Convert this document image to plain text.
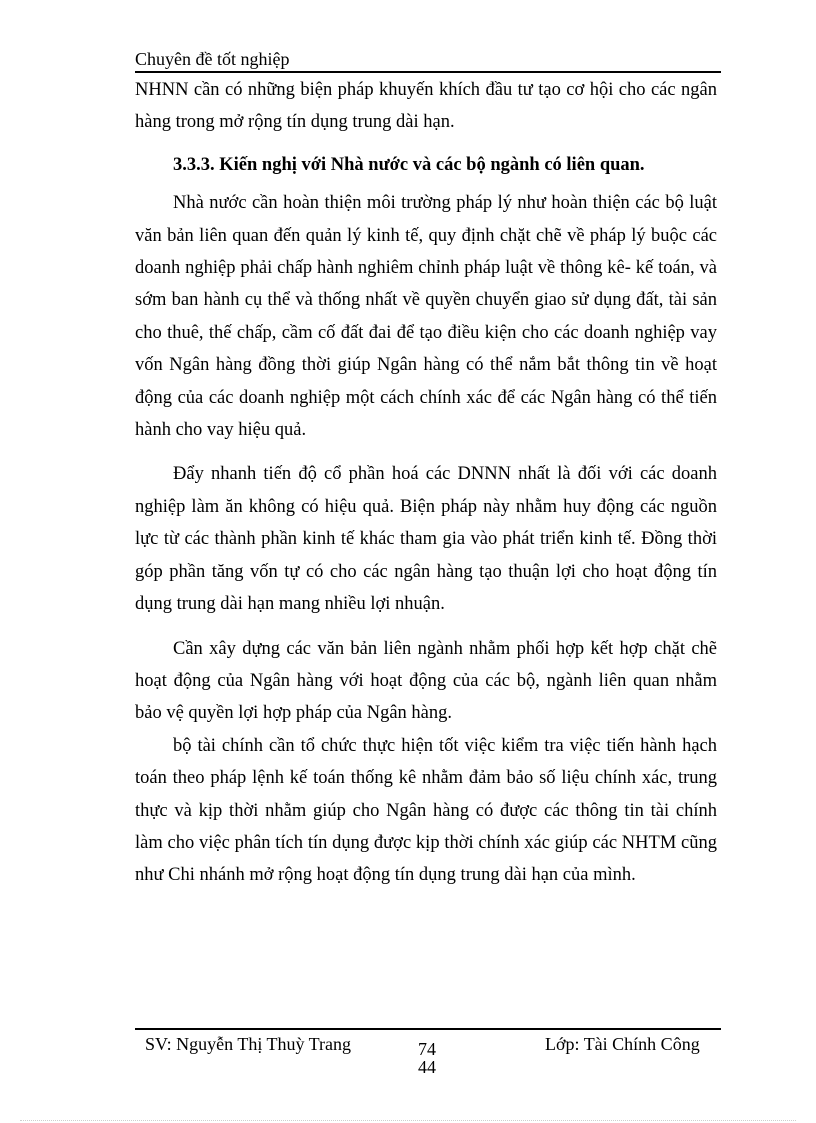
Chuyên đề tốt nghiệp

NHNN cần có những biện pháp khuyến khích đầu tư tạo cơ hội cho các ngân hàng trong mở rộng tín dụng trung dài hạn.

3.3.3. Kiến nghị với Nhà nước và các bộ ngành có liên quan.

Nhà nước cần hoàn thiện môi trường pháp lý như hoàn thiện các bộ luật văn bản liên quan đến quản lý kinh tế, quy định chặt chẽ về pháp lý buộc các doanh nghiệp phải chấp hành nghiêm chỉnh pháp luật về thông kê- kế toán, và sớm ban hành cụ thể và thống nhất về quyền chuyển giao sử dụng đất, tài sản cho thuê, thế chấp, cầm cố đất đai để tạo điều kiện cho các doanh nghiệp vay vốn Ngân hàng đồng thời giúp Ngân hàng có thể nắm bắt thông tin về hoạt động của các doanh nghiệp một cách chính xác để các Ngân hàng có thể tiến hành cho vay hiệu quả.

Đẩy nhanh tiến độ cổ phần hoá các DNNN nhất là đối với các doanh nghiệp làm ăn không có hiệu quả. Biện pháp này nhằm huy động các nguồn lực từ các thành phần kinh tế khác tham gia vào phát triển kinh tế. Đồng thời góp phần tăng vốn tự có cho các ngân hàng tạo thuận lợi cho hoạt động tín dụng trung dài hạn mang nhiều lợi nhuận.

Cần xây dựng các văn bản liên ngành nhằm phối hợp kết hợp chặt chẽ hoạt động của Ngân hàng với hoạt động của các bộ, ngành liên quan nhằm bảo vệ quyền lợi hợp pháp của Ngân hàng.

bộ tài chính cần tổ chức thực hiện tốt việc kiểm tra việc tiến hành hạch toán theo pháp lệnh kế toán thống kê nhằm đảm bảo số liệu chính xác, trung thực và kịp thời nhằm giúp cho Ngân hàng có được các thông tin tài chính làm cho việc phân tích tín dụng được kịp thời chính xác giúp các NHTM cũng như Chi nhánh mở rộng hoạt động tín dụng trung dài hạn của mình.

SV: Nguyễn Thị Thuỳ Trang	74
44
Lớp: Tài Chính Công
